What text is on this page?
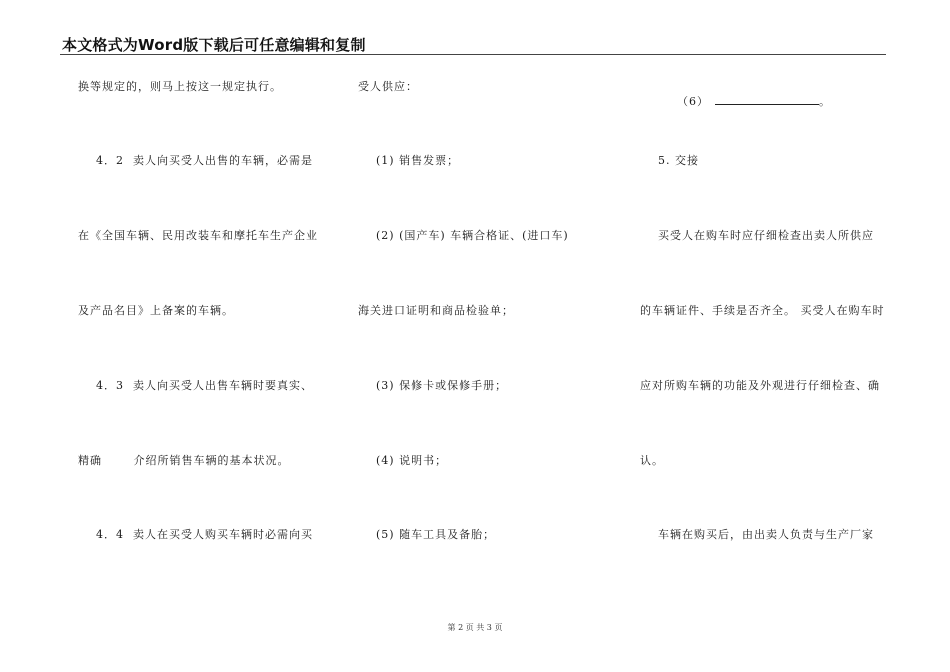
本文格式为Word版下载后可任意编辑和复制
换等规定的，则马上按这一规定执行。
4．2  卖人向买受人出售的车辆，必需是
在《全国车辆、民用改装车和摩托车生产企业
及产品名目》上备案的车辆。
4．3  卖人向买受人出售车辆时要真实、
精确       介绍所销售车辆的基本状况。
4．4  卖人在买受人购买车辆时必需向买
受人供应：
(1) 销售发票；
(2) (国产车) 车辆合格证、(进口车)
海关进口证明和商品检验单；
(3) 保修卡或保修手册；
(4) 说明书；
(5) 随车工具及备胎；

（6）	。

5. 交接
买受人在购车时应仔细检查出卖人所供应
的车辆证件、手续是否齐全。 买受人在购车时
应对所购车辆的功能及外观进行仔细检查、确
认。
车辆在购买后，由出卖人负责与生产厂家
第 2 页 共 3 页
